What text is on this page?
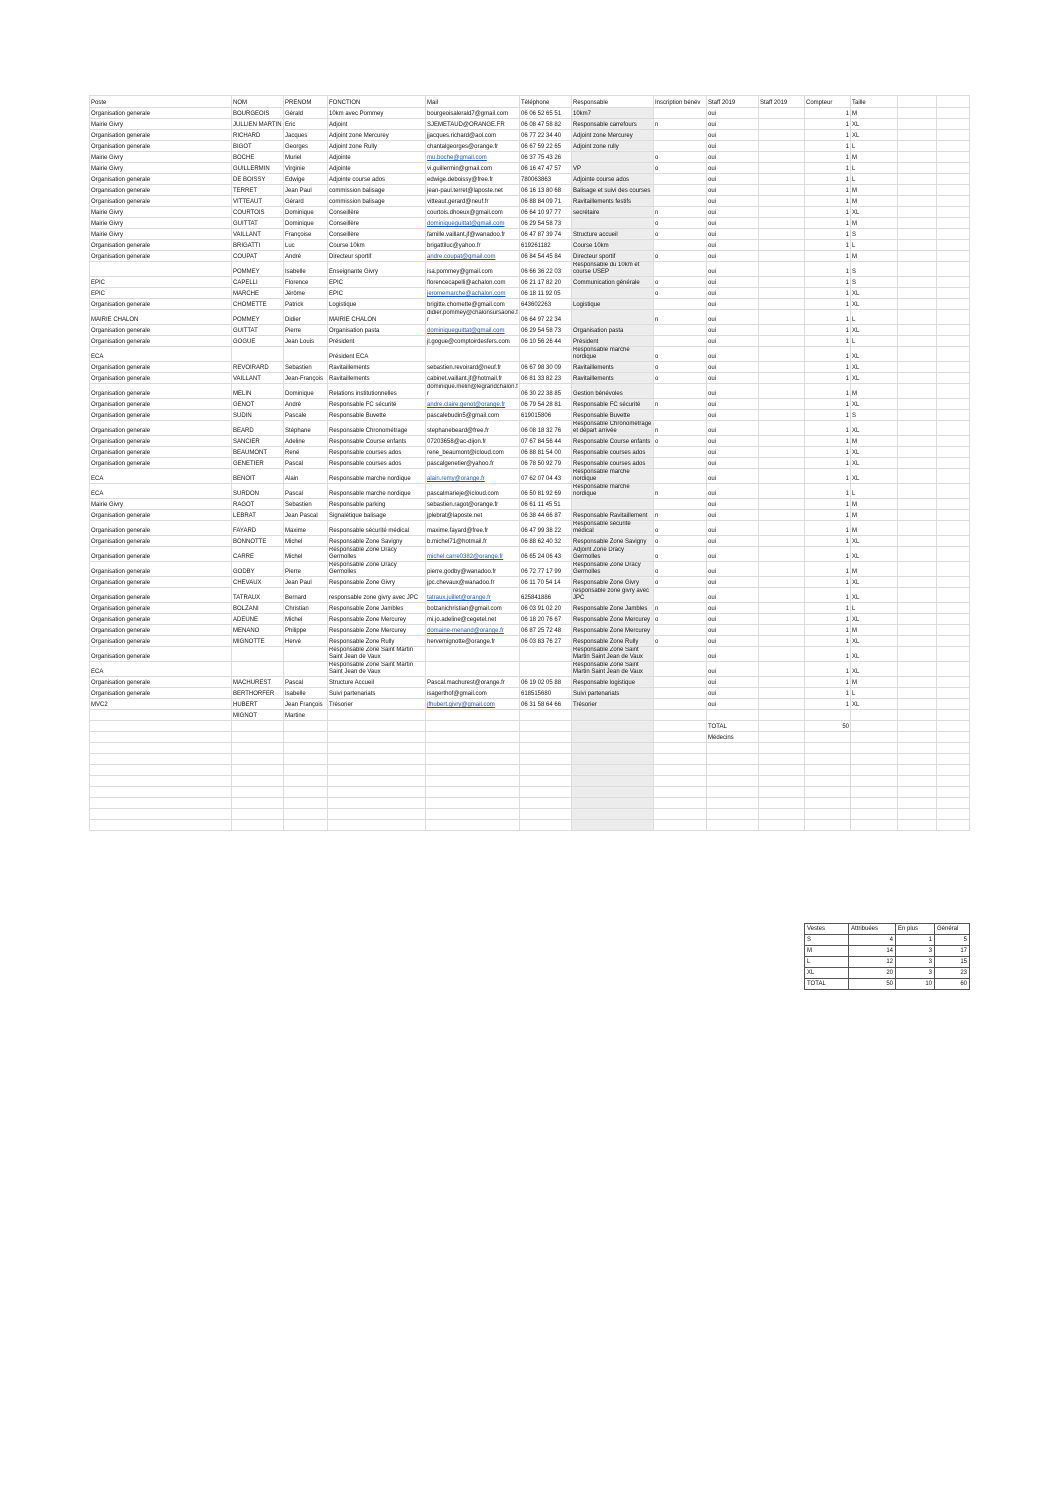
Poste	NOM	PRENOM	FONCTION	Mail	Téléphone	Responsable	Inscription bénév	Staff 2019	Staff 2019	Compteur	Taille		
Organisation generale	BOURGEOIS	Gérald	10km avec Pommey	bourgeoisalerald7@gmail.com	06 06 52 65 51	10km7		oui		1	M		
Mairie Givry	JULLIEN MARTIN	Eric	Adjoint	SJEMETAUD@ORANGE.FR	06 08 47 58 82	Responsable carrefours	n	oui		1	XL		
Organisation generale	RICHARD	Jacques	Adjoint zone Mercurey	jjacques.richard@aol.com	06 77 22 34 40	Adjoint zone Mercurey		oui		1	XL		
Organisation generale	BIGOT	Georges	Adjoint zone Rully	chantalgeorges@orange.fr	06 67 59 22 65	Adjoint zone rully		oui		1	L		
Mairie Givry	BOCHE	Muriel	Adjointe	mu.boche@gmail.com	06 37 75 43 26		o	oui		1	M		
Mairie Givry	GUILLERMIN	Virginie	Adjointe	vi.guillermin@gmail.com	06 16 47 47 57	VP	o	oui		1	L		
Organisation generale	DE BOISSY	Edwige	Adjointe course ados	edwige.deboissy@free.fr	780063863	Adjointe course ados		oui		1	L		
Organisation generale	TERRET	Jean Paul	commission balisage	jean-paul.terret@laposte.net	06 16 13 80 68	Balisage et suivi des courses		oui		1	M		
Organisation generale	VITTEAUT	Gérard	commission balisage	vitteaut.gerard@neuf.fr	06 88 84 09 71	Ravitaillements festifs		oui		1	M		
Mairie Givry	COURTOIS	Dominique	Conseillère	courtois.dhoeux@gmail.com	06 64 10 97 77	secrétaire	n	oui		1	XL		
Mairie Givry	GUITTAT	Dominique	Conseillère	dominiqueguittat@gmail.com	06 29 54 58 73		o	oui		1	M		
Mairie Givry	VAILLANT	Françoise	Conseillère	famille.vaillant.jf@wanadoo.fr	06 47 87 39 74	Structure accueil	o	oui		1	S		
Organisation generale	BRIGATTI	Luc	Course 10km	brigattiluc@yahoo.fr	619261182	Course 10km		oui		1	L		
Organisation generale	COUPAT	André	Directeur sportif	andre.coupat@gmail.com	06 84 54 45 84	Directeur sportif	o	oui		1	M		
	POMMEY	Isabelle	Enseignante Givry	isa.pommey@gmail.com	06 66 36 22 03	Responsable du 10km et course USEP		oui		1	S		
EPIC	CAPELLI	Florence	EPIC	florencecapelli@achalon.com	06 21 17 82 20	Communication générale	o	oui		1	S		
EPIC	MARCHE	Jérôme	EPIC	jeromemarche@achalon.com	06 18 11 92 05		o	oui		1	XL		
Organisation generale	CHOMETTE	Patrick	Logistique	brigitte.chomette@gmail.com	643602263	Logistique		oui		1	XL		
MAIRIE CHALON	POMMEY	Didier	MAIRIE CHALON	didier.pommey@chalonsursaone.fr	06 64 97 22 34		n	oui		1	L		
Organisation generale	GUITTAT	Pierre	Organisation pasta	dominiqueguittat@gmail.com	06 29 54 58 73	Organisation pasta		oui		1	XL		
Organisation generale	GOGUE	Jean Louis	Président	jl.gogue@comptoirdesfers.com	06 10 56 26 44	Président		oui		1	L		
ECA			Président ECA			Responsable marche nordique	o	oui		1	XL		
Organisation generale	REVOIRARD	Sebastien	Ravitaillements	sebastien.revoirard@neuf.fr	06 67 98 30 09	Ravitaillements	o	oui		1	XL		
Organisation generale	VAILLANT	Jean-François	Ravitaillements	cabinet.vaillant.jf@hotmail.fr	06 81 33 82 23	Ravitaillements	o	oui		1	XL		
Organisation generale	MELIN	Dominique	Relations institutionnelles	dominique.melin@legrandchalon.fr	06 30 22 38 85	Gestion bénévoles		oui		1	M		
Organisation generale	GENOT	André	Responsable FC sécurité	andre.claire.genot@orange.fr	06 79 54 28 81	Responsable FC sécurité	n	oui		1	XL		
Organisation generale	SUDIN	Pascale	Responsable Buvette	pascalebudin5@gmail.com	619015806	Responsable Buvette		oui		1	S		
Organisation generale	BEARD	Stéphane	Responsable Chronométrage	stephanebeard@free.fr	06 08 18 32 76	Responsable Chronométrage et départ arrivée	n	oui		1	XL		
Organisation generale	SANCIER	Adeline	Responsable Course enfants	07203658@ac-dijon.fr	07 67 84 56 44	Responsable Course enfants	o	oui		1	M		
Organisation generale	BEAUMONT	René	Responsable courses ados	rene_beaumont@icloud.com	06 88 81 54 00	Responsable courses ados		oui		1	XL		
Organisation generale	GENETIER	Pascal	Responsable courses ados	pascalgenetier@yahoo.fr	06 78 50 92 79	Responsable courses ados		oui		1	XL		
ECA	BENOIT	Alain	Responsable marche nordique	alain.remy@orange.fr	07 62 07 04 43	Responsable marche nordique		oui		1	XL		
ECA	SURDON	Pascal	Responsable marche nordique	pascalmarieje@icloud.com	06 50 81 92 69	Responsable marche nordique	n	oui		1	L		
Mairie Givry	RAGOT	Sebastien	Responsable parking	sebastien.ragot@orange.fr	06 61 11 45 51			oui		1	M		
Organisation generale	LEBRAT	Jean Pascal	Signalétique balisage	jplebrat@laposte.net	06 38 44 66 87	Responsable Ravitaillement	n	oui		1	M		
Organisation generale	FAYARD	Maxime	Responsable sécurité médical	maxime.fayard@free.fr	06 47 99 38 22	Responsable sécurité médical	o	oui		1	M		
Organisation generale	BONNOTTE	Michel	Responsable Zone Savigny	b.michel71@hotmail.fr	06 88 62 40 32	Responsable Zone Savigny	o	oui		1	XL		
Organisation generale	CARRE	Michel	Responsable Zone Dracy Germolles	michel.carre0382@orange.fr	06 65 24 06 43	Adjoint Zone Dracy Germolles	o	oui		1	XL		
Organisation generale	GODBY	Pierre	Responsable Zone Dracy Germolles	pierre.godby@wanadoo.fr	06 72 77 17 99	Responsable Zone Dracy Germolles	o	oui		1	M		
Organisation generale	CHEVAUX	Jean Paul	Responsable Zone Givry	jpc.chevaux@wanadoo.fr	06 11 70 54 14	Responsable Zone Givry	o	oui		1	XL		
Organisation generale	TATRAUX	Bernard	responsable zone givry avec JPC	tatraux.juillet@orange.fr	625841886	responsable zone givry avec JPC		oui		1	XL		
Organisation generale	BOLZANI	Christian	Responsable Zone Jambles	bolzanichristian@gmail.com	06 03 91 02 20	Responsable Zone Jambles	n	oui		1	L		
Organisation generale	ADEUNE	Michel	Responsable Zone Mercurey	mi.jo.adeline@cegetel.net	06 18 20 76 67	Responsable Zone Mercurey	o	oui		1	XL		
Organisation generale	MENANO	Philippe	Responsable Zone Mercurey	domaine-menand@orange.fr	06 87 25 72 48	Responsable Zone Mercurey		oui		1	M		
Organisation generale	MIGNOTTE	Hervé	Responsable Zone Rully	hervemignotte@orange.fr	06 03 83 76 27	Responsable Zone Rully	o	oui		1	XL		
Organisation generale			Responsable Zone Saint Martin Saint Jean de Vaux			Responsable Zone Saint Martin Saint Jean de Vaux		oui		1	XL		
ECA			Responsable Zone Saint Martin Saint Jean de Vaux			Responsable Zone Saint Martin Saint Jean de Vaux		oui		1	XL		
Organisation generale	MACHUREST	Pascal	Structure Accueil	Pascal.machurest@orange.fr	06 19 02 05 88	Responsable logistique		oui		1	M		
Organisation generale	BERTHORFER	Isabelle	Suivi partenariats	isagerthof@gmail.com	618515680	Suivi partenariats		oui		1	L		
MVC2	HUBERT	Jean François	Trésorier	jfhubert.givry@gmail.com	06 31 58 64 66	Trésorier		oui		1	XL		
	MIGNOT	Martine											
								TOTAL		50			
								Médecins					

Vestes	Attribuées	En plus	Général
S	4	1	5
M	14	3	17
L	12	3	15
XL	20	3	23
TOTAL	50	10	60
